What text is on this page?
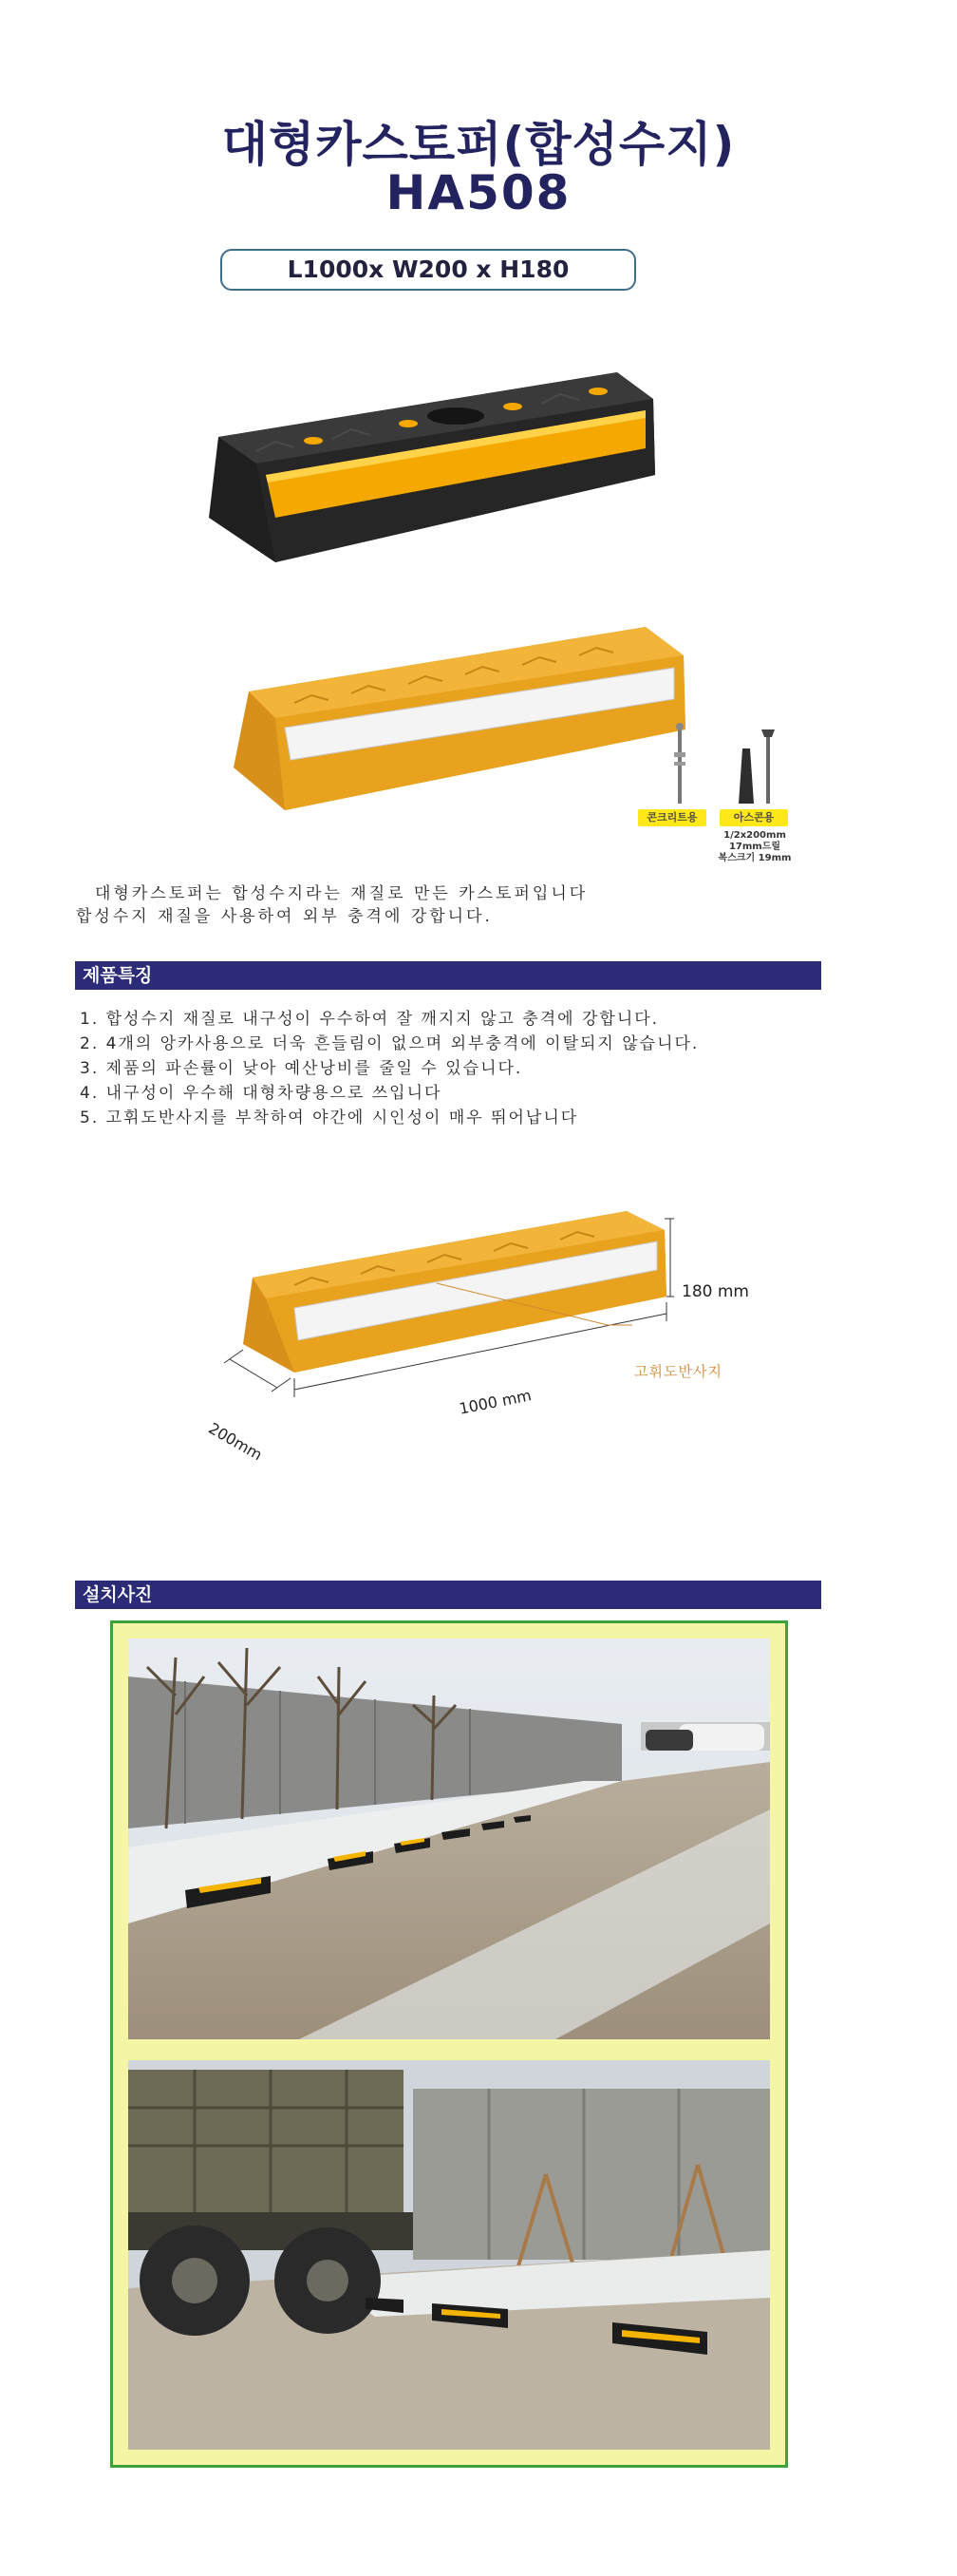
대형카스토퍼(합성수지)
HA508
L1000x W200 x H180
콘크리트용	아스콘용
1/2x200mm
17mm드릴
복스크기 19mm
대형카스토퍼는 합성수지라는 재질로 만든 카스토퍼입니다
합성수지 재질을 사용하여 외부 충격에 강합니다.
제품특징
1. 합성수지 재질로 내구성이 우수하여 잘 깨지지 않고 충격에 강합니다.
2. 4개의 앙카사용으로 더욱 흔들림이 없으며 외부충격에 이탈되지 않습니다.
3. 제품의 파손률이 낮아 예산낭비를 줄일 수 있습니다.
4. 내구성이 우수해 대형차량용으로 쓰입니다
5. 고휘도반사지를 부착하여 야간에 시인성이 매우 뛰어납니다
180 mm
고휘도반사지
1000 mm
200mm
설치사진
